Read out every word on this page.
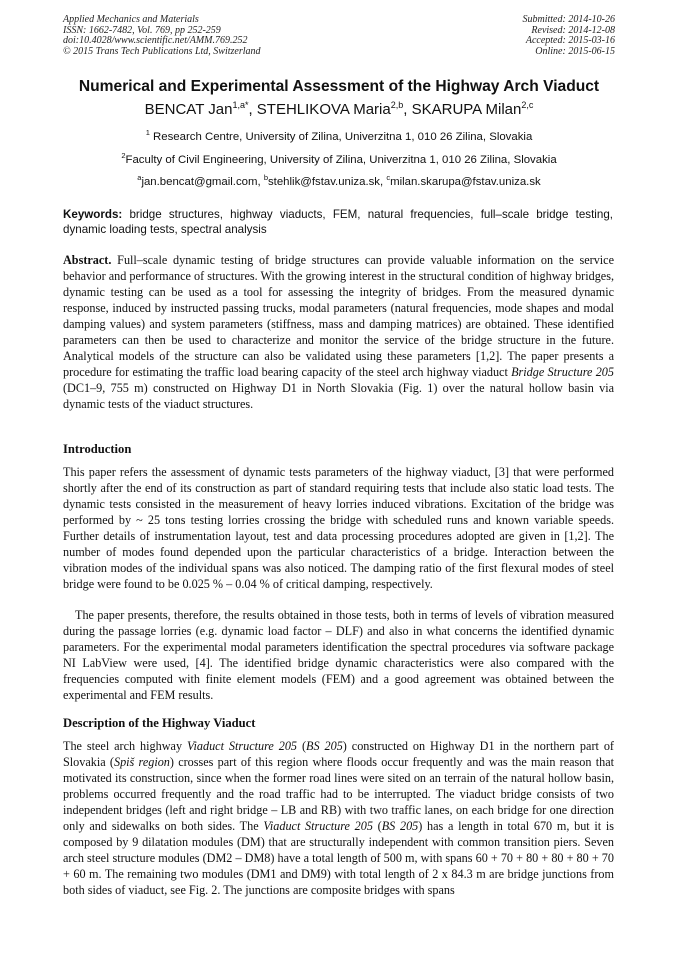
Applied Mechanics and Materials
ISSN: 1662-7482, Vol. 769, pp 252-259
doi:10.4028/www.scientific.net/AMM.769.252
© 2015 Trans Tech Publications Ltd, Switzerland
Submitted: 2014-10-26
Revised: 2014-12-08
Accepted: 2015-03-16
Online: 2015-06-15
Numerical and Experimental Assessment of the Highway Arch Viaduct
BENCAT Jan$^{1,a*}$, STEHLIKOVA Maria$^{2,b}$, SKARUPA Milan$^{2,c}$
$^1$ Research Centre, University of Zilina, Univerzitna 1, 010 26 Zilina, Slovakia
$^2$Faculty of Civil Engineering, University of Zilina, Univerzitna 1, 010 26 Zilina, Slovakia
$^a$jan.bencat@gmail.com, $^b$stehlik@fstav.uniza.sk, $^c$milan.skarupa@fstav.uniza.sk
Keywords: bridge structures, highway viaducts, FEM, natural frequencies, full–scale bridge testing, dynamic loading tests, spectral analysis
Abstract. Full–scale dynamic testing of bridge structures can provide valuable information on the service behavior and performance of structures. With the growing interest in the structural condition of highway bridges, dynamic testing can be used as a tool for assessing the integrity of bridges. From the measured dynamic response, induced by instructed passing trucks, modal parameters (natural frequencies, mode shapes and modal damping values) and system parameters (stiffness, mass and damping matrices) are obtained. These identified parameters can then be used to characterize and monitor the service of the bridge structure in the future. Analytical models of the structure can also be validated using these parameters [1,2]. The paper presents a procedure for estimating the traffic load bearing capacity of the steel arch highway viaduct Bridge Structure 205 (DC1–9, 755 m) constructed on Highway D1 in North Slovakia (Fig. 1) over the natural hollow basin via dynamic tests of the viaduct structures.
Introduction
This paper refers the assessment of dynamic tests parameters of the highway viaduct, [3] that were performed shortly after the end of its construction as part of standard requiring tests that include also static load tests. The dynamic tests consisted in the measurement of heavy lorries induced vibrations. Excitation of the bridge was performed by ~ 25 tons testing lorries crossing the bridge with scheduled runs and known variable speeds. Further details of instrumentation layout, test and data processing procedures adopted are given in [1,2]. The number of modes found depended upon the particular characteristics of a bridge. Interaction between the vibration modes of the individual spans was also noticed. The damping ratio of the first flexural modes of steel bridge were found to be 0.025 % – 0.04 % of critical damping, respectively.
The paper presents, therefore, the results obtained in those tests, both in terms of levels of vibration measured during the passage lorries (e.g. dynamic load factor – DLF) and also in what concerns the identified dynamic parameters. For the experimental modal parameters identification the spectral procedures via software package NI LabView were used, [4]. The identified bridge dynamic characteristics were also compared with the frequencies computed with finite element models (FEM) and a good agreement was obtained between the experimental and FEM results.
Description of the Highway Viaduct
The steel arch highway Viaduct Structure 205 (BS 205) constructed on Highway D1 in the northern part of Slovakia (Spiš region) crosses part of this region where floods occur frequently and was the main reason that motivated its construction, since when the former road lines were sited on an terrain of the natural hollow basin, problems occurred frequently and the road traffic had to be interrupted. The viaduct bridge consists of two independent bridges (left and right bridge – LB and RB) with two traffic lanes, on each bridge for one direction only and sidewalks on both sides. The Viaduct Structure 205 (BS 205) has a length in total 670 m, but it is composed by 9 dilatation modules (DM) that are structurally independent with common transition piers. Seven arch steel structure modules (DM2 – DM8) have a total length of 500 m, with spans 60 + 70 + 80 + 80 + 80 + 70 + 60 m. The remaining two modules (DM1 and DM9) with total length of 2 x 84.3 m are bridge junctions from both sides of viaduct, see Fig. 2. The junctions are composite bridges with spans
